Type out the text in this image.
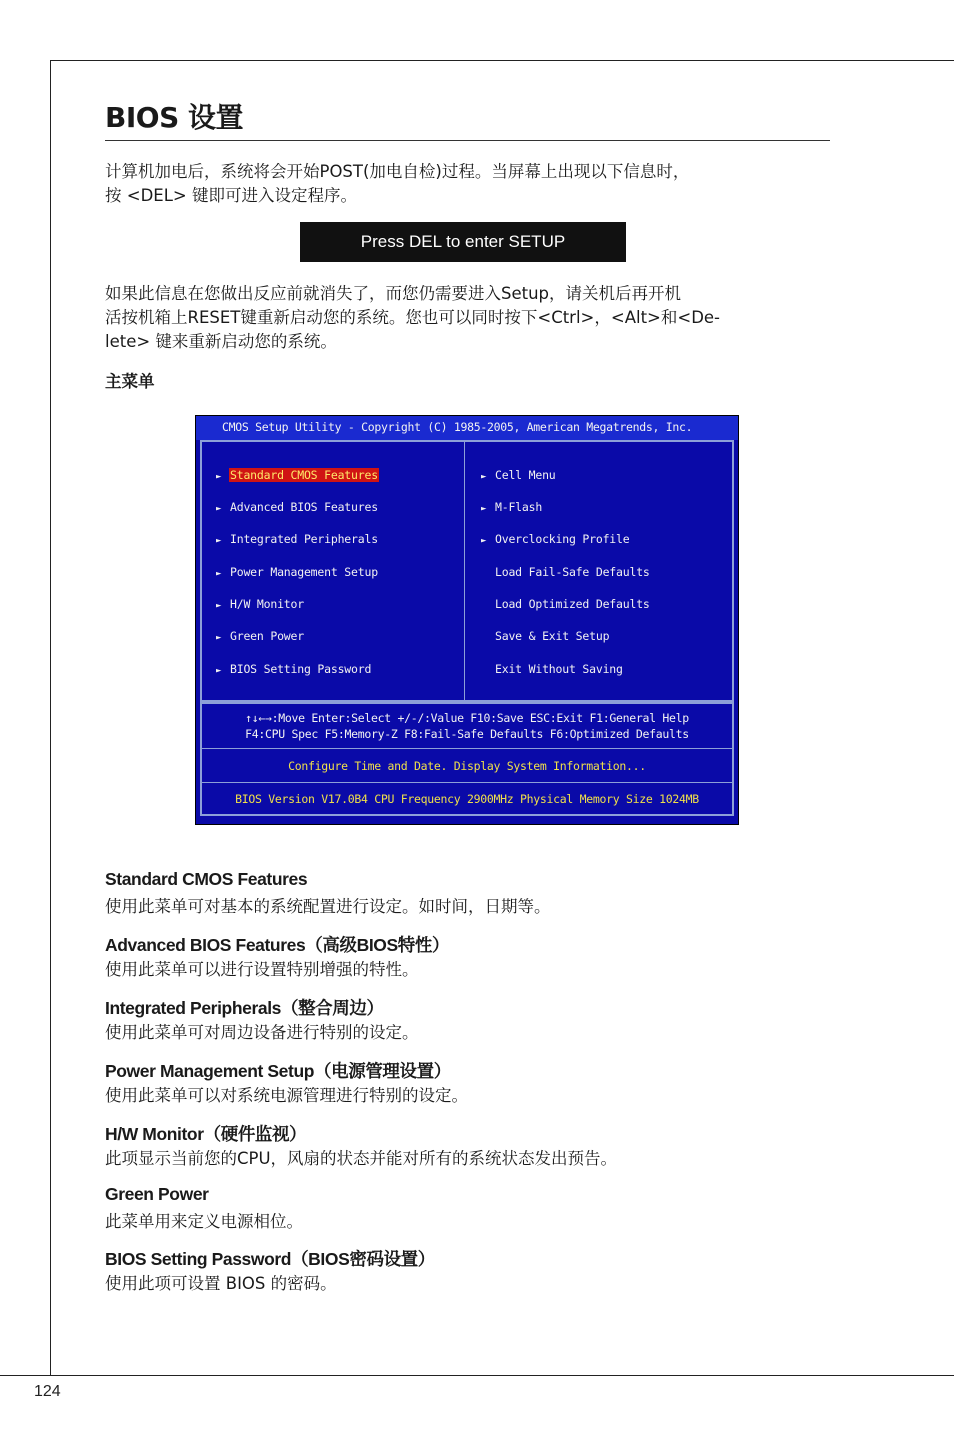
BIOS 设置

计算机加电后，系统将会开始POST(加电自检)过程。当屏幕上出现以下信息时，
按 <DEL> 键即可进入设定程序。

Press DEL to enter SETUP

如果此信息在您做出反应前就消失了，而您仍需要进入Setup，请关机后再开机
活按机箱上RESET键重新启动您的系统。您也可以同时按下<Ctrl>，<Alt>和<De-
lete> 键来重新启动您的系统。

主菜单
CMOS Setup Utility - Copyright (C) 1985-2005, American Megatrends, Inc.
► Standard CMOS Features
► Advanced BIOS Features
► Integrated Peripherals
► Power Management Setup
► H/W Monitor
► Green Power
► BIOS Setting Password
► Cell Menu
► M-Flash
► Overclocking Profile
Load Fail-Safe Defaults
Load Optimized Defaults
Save & Exit Setup
Exit Without Saving
↑↓←→:Move Enter:Select +/-/:Value F10:Save ESC:Exit F1:General Help
F4:CPU Spec F5:Memory-Z F8:Fail-Safe Defaults F6:Optimized Defaults
Configure Time and Date. Display System Information...
BIOS Version V17.0B4 CPU Frequency 2900MHz Physical Memory Size 1024MB
Standard CMOS Features

使用此菜单可对基本的系统配置进行设定。如时间，日期等。

Advanced BIOS Features（高级BIOS特性）

使用此菜单可以进行设置特别增强的特性。

Integrated Peripherals（整合周边）

使用此菜单可对周边设备进行特别的设定。

Power Management Setup（电源管理设置）

使用此菜单可以对系统电源管理进行特别的设定。

H/W Monitor（硬件监视）

此项显示当前您的CPU，风扇的状态并能对所有的系统状态发出预告。

Green Power

此菜单用来定义电源相位。

BIOS Setting Password（BIOS密码设置）

使用此项可设置 BIOS 的密码。

124
